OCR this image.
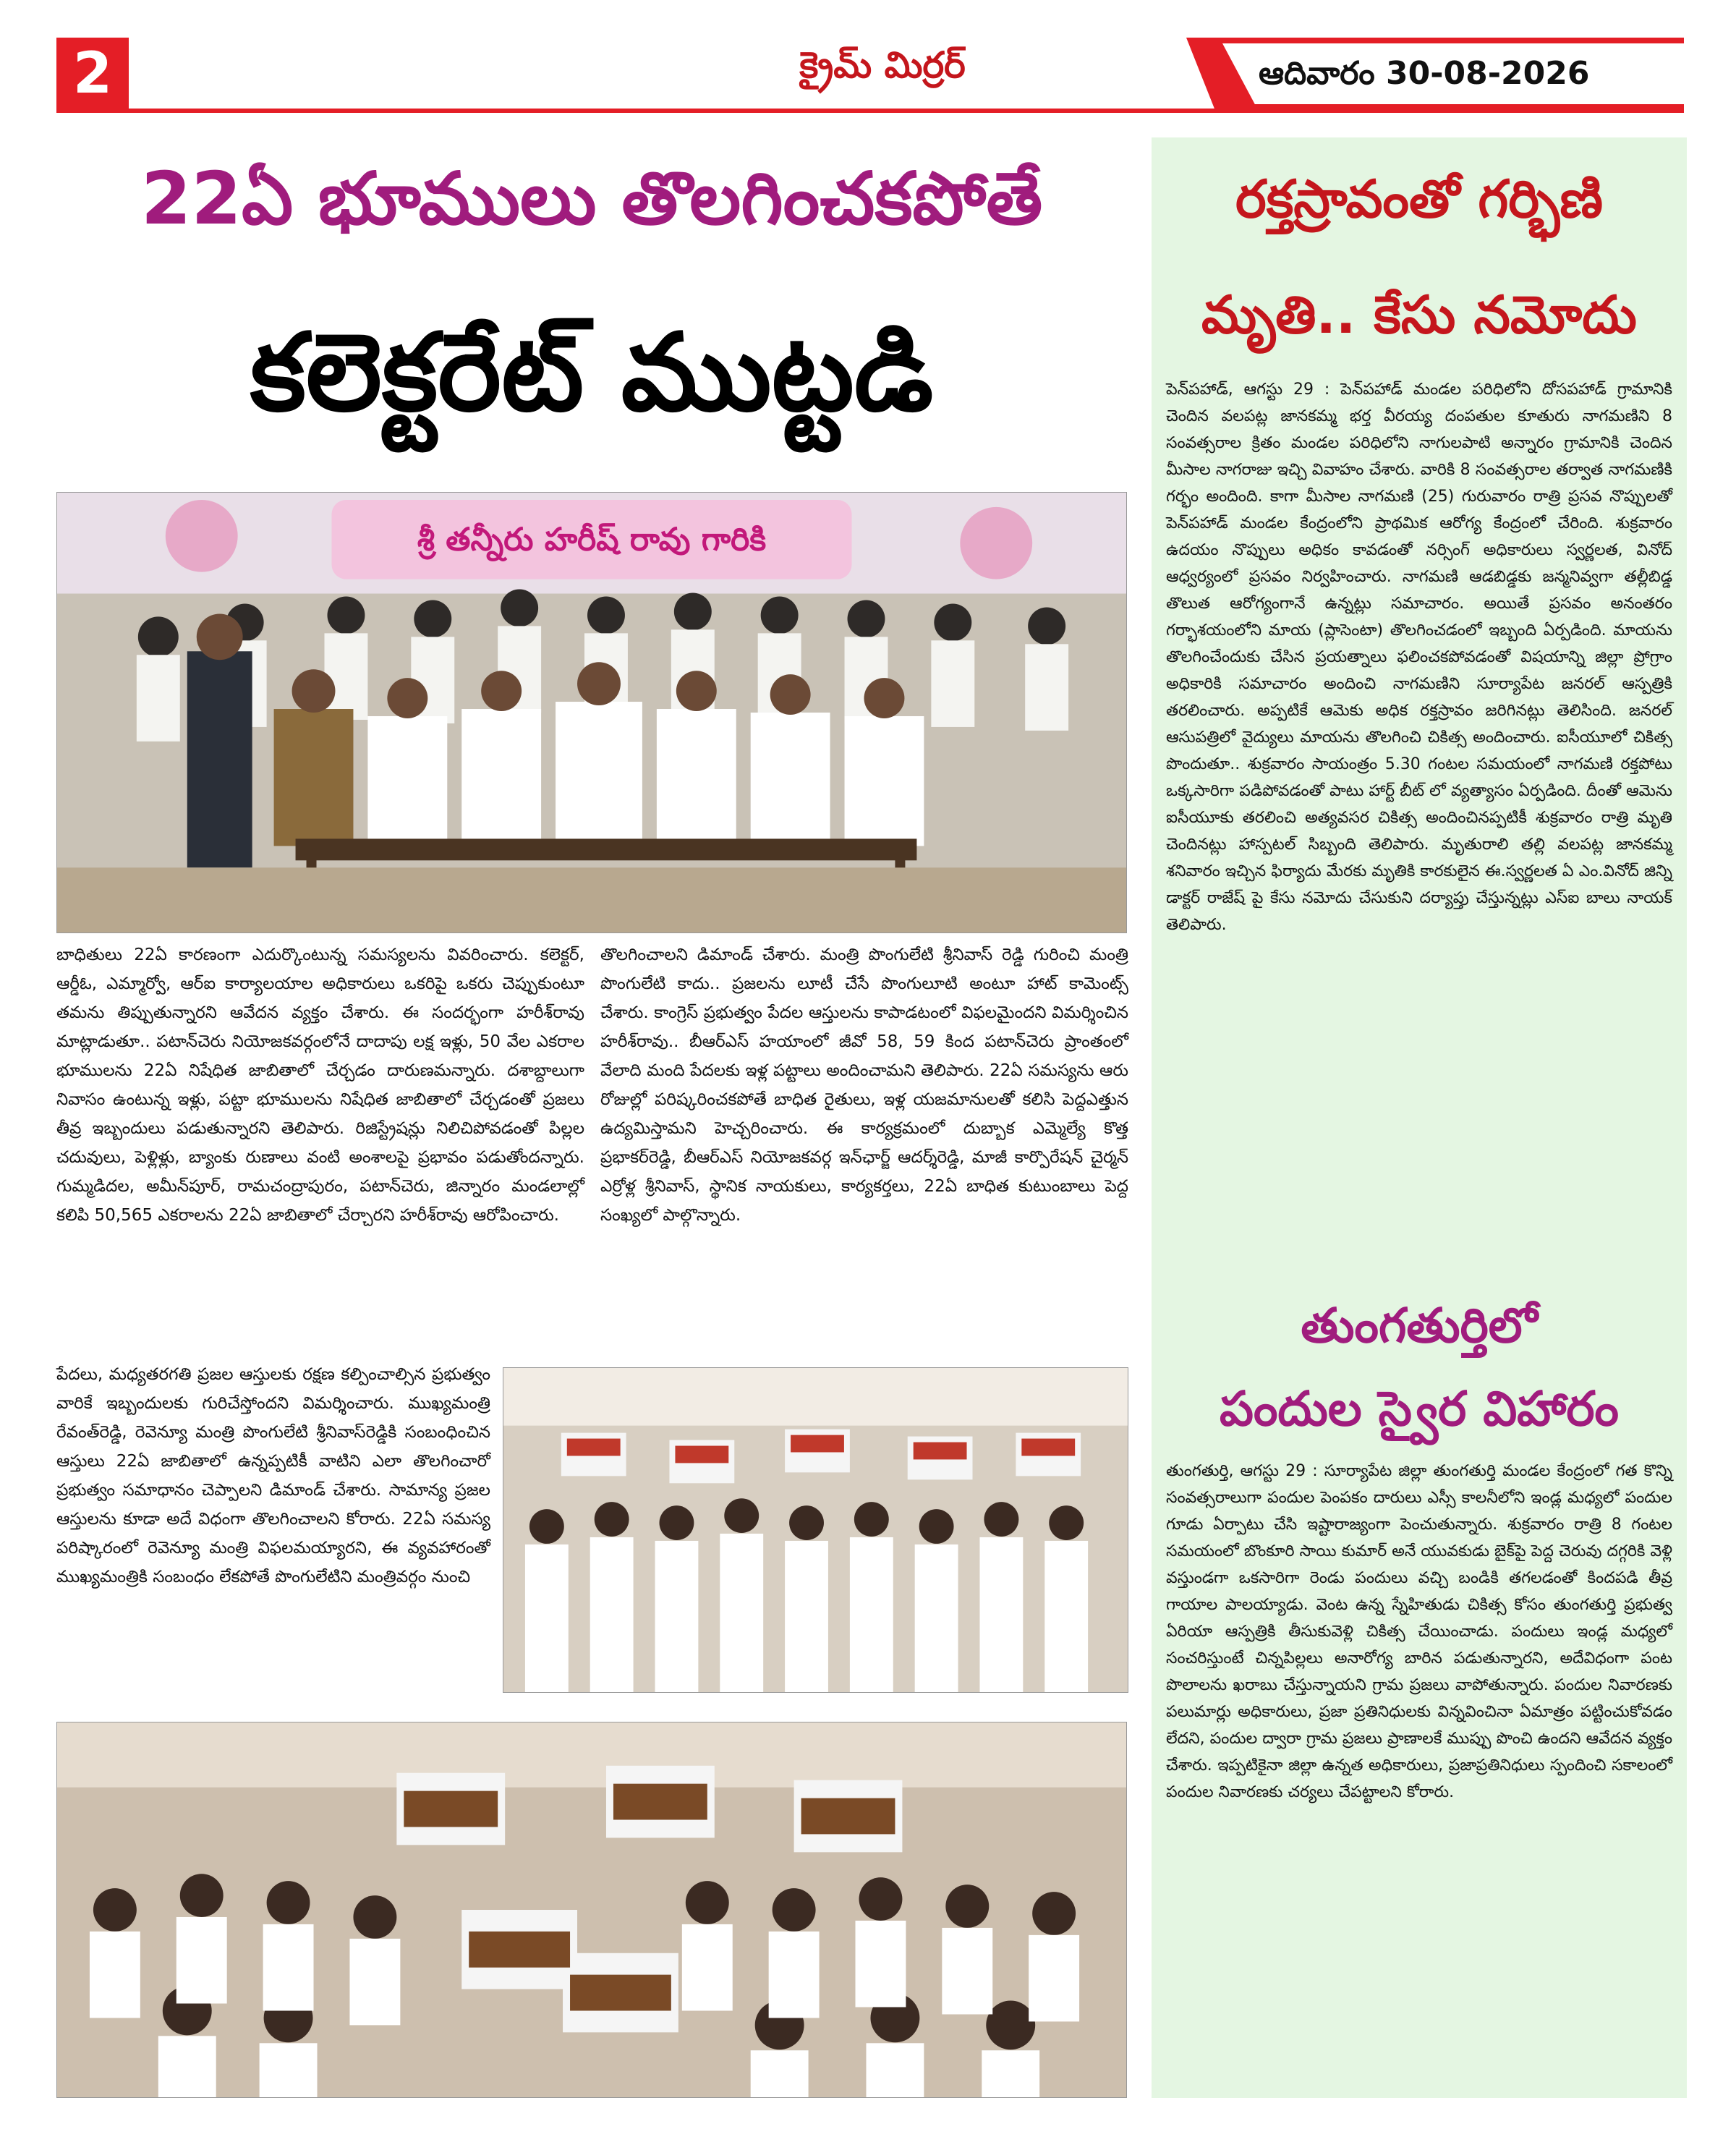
2	క్రైమ్ మిర్రర్	ఆదివారం 30-08-2026
22ఏ భూములు తొలగించకపోతే
కలెక్టరేట్ ముట్టడి
శ్రీ తన్నీరు హరీష్ రావు గారికి
బాధితులు 22ఏ కారణంగా ఎదుర్కొంటున్న సమస్యలను వివరించారు. కలెక్టర్, ఆర్డీఓ, ఎమ్మార్వో, ఆర్ఐ కార్యాలయాల అధికారులు ఒకరిపై ఒకరు చెప్పుకుంటూ తమను తిప్పుతున్నారని ఆవేదన వ్యక్తం చేశారు. ఈ సందర్భంగా హరీశ్‌రావు మాట్లాడుతూ.. పటాన్‌చెరు నియోజకవర్గంలోనే దాదాపు లక్ష ఇళ్లు, 50 వేల ఎకరాల భూములను 22ఏ నిషేధిత జాబితాలో చేర్చడం దారుణమన్నారు. దశాబ్దాలుగా నివాసం ఉంటున్న ఇళ్లు, పట్టా భూములను నిషేధిత జాబితాలో చేర్చడంతో ప్రజలు తీవ్ర ఇబ్బందులు పడుతున్నారని తెలిపారు. రిజిస్ట్రేషన్లు నిలిచిపోవడంతో పిల్లల చదువులు, పెళ్లిళ్లు, బ్యాంకు రుణాలు వంటి అంశాలపై ప్రభావం పడుతోందన్నారు. గుమ్మడిదల, అమీన్‌పూర్, రామచంద్రాపురం, పటాన్‌చెరు, జిన్నారం మండలాల్లో కలిపి 50,565 ఎకరాలను 22ఏ జాబితాలో చేర్చారని హరీశ్‌రావు ఆరోపించారు.
తొలగించాలని డిమాండ్ చేశారు. మంత్రి పొంగులేటి శ్రీనివాస్ రెడ్డి గురించి మంత్రి పొంగులేటి కాదు.. ప్రజలను లూటీ చేసే పొంగులూటి అంటూ హాట్ కామెంట్స్ చేశారు. కాంగ్రెస్ ప్రభుత్వం పేదల ఆస్తులను కాపాడటంలో విఫలమైందని విమర్శించిన హరీశ్‌రావు.. బీఆర్ఎస్ హయాంలో జీవో 58, 59 కింద పటాన్‌చెరు ప్రాంతంలో వేలాది మంది పేదలకు ఇళ్ల పట్టాలు అందించామని తెలిపారు. 22ఏ సమస్యను ఆరు రోజుల్లో పరిష్కరించకపోతే బాధిత రైతులు, ఇళ్ల యజమానులతో కలిసి పెద్దఎత్తున ఉద్యమిస్తామని హెచ్చరించారు. ఈ కార్యక్రమంలో దుబ్బాక ఎమ్మెల్యే కొత్త ప్రభాకర్‌రెడ్డి, బీఆర్ఎస్ నియోజకవర్గ ఇన్‌ఛార్జ్ ఆదర్శ్‌రెడ్డి, మాజీ కార్పొరేషన్ చైర్మన్ ఎర్రోళ్ల శ్రీనివాస్, స్థానిక నాయకులు, కార్యకర్తలు, 22ఏ బాధిత కుటుంబాలు పెద్ద సంఖ్యలో పాల్గొన్నారు.
పేదలు, మధ్యతరగతి ప్రజల ఆస్తులకు రక్షణ కల్పించాల్సిన ప్రభుత్వం వారికే ఇబ్బందులకు గురిచేస్తోందని విమర్శించారు. ముఖ్యమంత్రి రేవంత్‌రెడ్డి, రెవెన్యూ మంత్రి పొంగులేటి శ్రీనివాస్‌రెడ్డికి సంబంధించిన ఆస్తులు 22ఏ జాబితాలో ఉన్నప్పటికీ వాటిని ఎలా తొలగించారో ప్రభుత్వం సమాధానం చెప్పాలని డిమాండ్ చేశారు. సామాన్య ప్రజల ఆస్తులను కూడా అదే విధంగా తొలగించాలని కోరారు. 22ఏ సమస్య పరిష్కారంలో రెవెన్యూ మంత్రి విఫలమయ్యారని, ఈ వ్యవహారంతో ముఖ్యమంత్రికి సంబంధం లేకపోతే పొంగులేటిని మంత్రివర్గం నుంచి
రక్తస్రావంతో గర్భిణి
మృతి.. కేసు నమోదు
పెన్‌పహాడ్, ఆగస్టు 29 : పెన్‌పహాడ్ మండల పరిధిలోని దోసపహాడ్ గ్రామానికి చెందిన వలపట్ల జానకమ్మ భర్త వీరయ్య దంపతుల కూతురు నాగమణిని 8 సంవత్సరాల క్రితం మండల పరిధిలోని నాగులపాటి అన్నారం గ్రామానికి చెందిన మీసాల నాగరాజు ఇచ్చి వివాహం చేశారు. వారికి 8 సంవత్సరాల తర్వాత నాగమణికి గర్భం అందింది. కాగా మీసాల నాగమణి (25) గురువారం రాత్రి ప్రసవ నొప్పులతో పెన్‌పహాడ్ మండల కేంద్రంలోని ప్రాథమిక ఆరోగ్య కేంద్రంలో చేరింది. శుక్రవారం ఉదయం నొప్పులు అధికం కావడంతో నర్సింగ్ అధికారులు స్వర్ణలత, వినోద్ ఆధ్వర్యంలో ప్రసవం నిర్వహించారు. నాగమణి ఆడబిడ్డకు జన్మనివ్వగా తల్లీబిడ్డ తొలుత ఆరోగ్యంగానే ఉన్నట్లు సమాచారం. అయితే ప్రసవం అనంతరం గర్భాశయంలోని మాయ (ప్లాసెంటా) తొలగించడంలో ఇబ్బంది ఏర్పడింది. మాయను తొలగించేందుకు చేసిన ప్రయత్నాలు ఫలించకపోవడంతో విషయాన్ని జిల్లా ప్రోగ్రాం అధికారికి సమాచారం అందించి నాగమణిని సూర్యాపేట జనరల్ ఆస్పత్రికి తరలించారు. అప్పటికే ఆమెకు అధిక రక్తస్రావం జరిగినట్లు తెలిసింది. జనరల్ ఆసుపత్రిలో వైద్యులు మాయను తొలగించి చికిత్స అందించారు. ఐసీయూలో చికిత్స పొందుతూ.. శుక్రవారం సాయంత్రం 5.30 గంటల సమయంలో నాగమణి రక్తపోటు ఒక్కసారిగా పడిపోవడంతో పాటు హార్ట్ బీట్ లో వ్యత్యాసం ఏర్పడింది. దీంతో ఆమెను ఐసీయూకు తరలించి అత్యవసర చికిత్స అందించినప్పటికీ శుక్రవారం రాత్రి మృతి చెందినట్లు హాస్పటల్ సిబ్బంది తెలిపారు. మృతురాలి తల్లి వలపట్ల జానకమ్మ శనివారం ఇచ్చిన ఫిర్యాదు మేరకు మృతికి కారకులైన ఈ.స్వర్ణలత ఏ ఎం.వినోద్ జిన్ని డాక్టర్ రాజేష్ పై కేసు నమోదు చేసుకుని దర్యాప్తు చేస్తున్నట్లు ఎస్ఐ బాలు నాయక్ తెలిపారు.
తుంగతుర్తిలో
పందుల స్వైర విహారం
తుంగతుర్తి, ఆగస్టు 29 : సూర్యాపేట జిల్లా తుంగతుర్తి మండల కేంద్రంలో గత కొన్ని సంవత్సరాలుగా పందుల పెంపకం దారులు ఎస్సీ కాలనీలోని ఇండ్ల మధ్యలో పందుల గూడు ఏర్పాటు చేసి ఇష్టారాజ్యంగా పెంచుతున్నారు. శుక్రవారం రాత్రి 8 గంటల సమయంలో బొంకూరి సాయి కుమార్ అనే యువకుడు బైక్‌పై పెద్ద చెరువు దగ్గరికి వెళ్లి వస్తుండగా ఒకసారిగా రెండు పందులు వచ్చి బండికి తగలడంతో కిందపడి తీవ్ర గాయాల పాలయ్యాడు. వెంట ఉన్న స్నేహితుడు చికిత్స కోసం తుంగతుర్తి ప్రభుత్వ ఏరియా ఆస్పత్రికి తీసుకువెళ్లి చికిత్స చేయించాడు. పందులు ఇండ్ల మధ్యలో సంచరిస్తుంటే చిన్నపిల్లలు అనారోగ్య బారిన పడుతున్నారని, అదేవిధంగా పంట పొలాలను ఖరాబు చేస్తున్నాయని గ్రామ ప్రజలు వాపోతున్నారు. పందుల నివారణకు పలుమార్లు అధికారులు, ప్రజా ప్రతినిధులకు విన్నవించినా ఏమాత్రం పట్టించుకోవడం లేదని, పందుల ద్వారా గ్రామ ప్రజలు ప్రాణాలకే ముప్పు పొంచి ఉందని ఆవేదన వ్యక్తం చేశారు. ఇప్పటికైనా జిల్లా ఉన్నత అధికారులు, ప్రజాప్రతినిధులు స్పందించి సకాలంలో పందుల నివారణకు చర్యలు చేపట్టాలని కోరారు.
